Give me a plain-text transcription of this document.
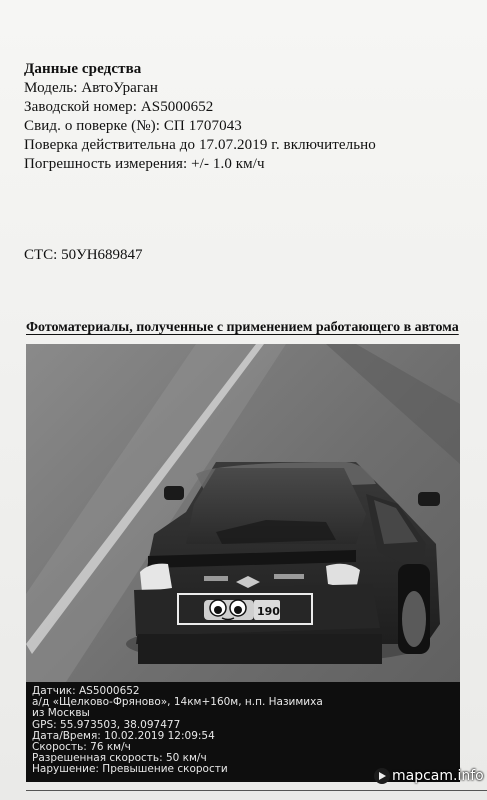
Данные средства
Модель: АвтоУраган
Заводской номер: AS5000652
Свид. о поверке (№): СП 1707043
Поверка действительна до 17.07.2019 г. включительно
Погрешность измерения: +/- 1.0 км/ч
СТС: 50УН689847
Фотоматериалы, полученные с применением работающего в автома
190
Датчик: AS5000652
а/д «Щелково-Фряново», 14км+160м, н.п. Назимиха
из Москвы
GPS: 55.973503, 38.097477
Дата/Время: 10.02.2019 12:09:54
Скорость: 76 км/ч
Разрешенная скорость: 50 км/ч
Нарушение: Превышение скорости	mapcam.info
